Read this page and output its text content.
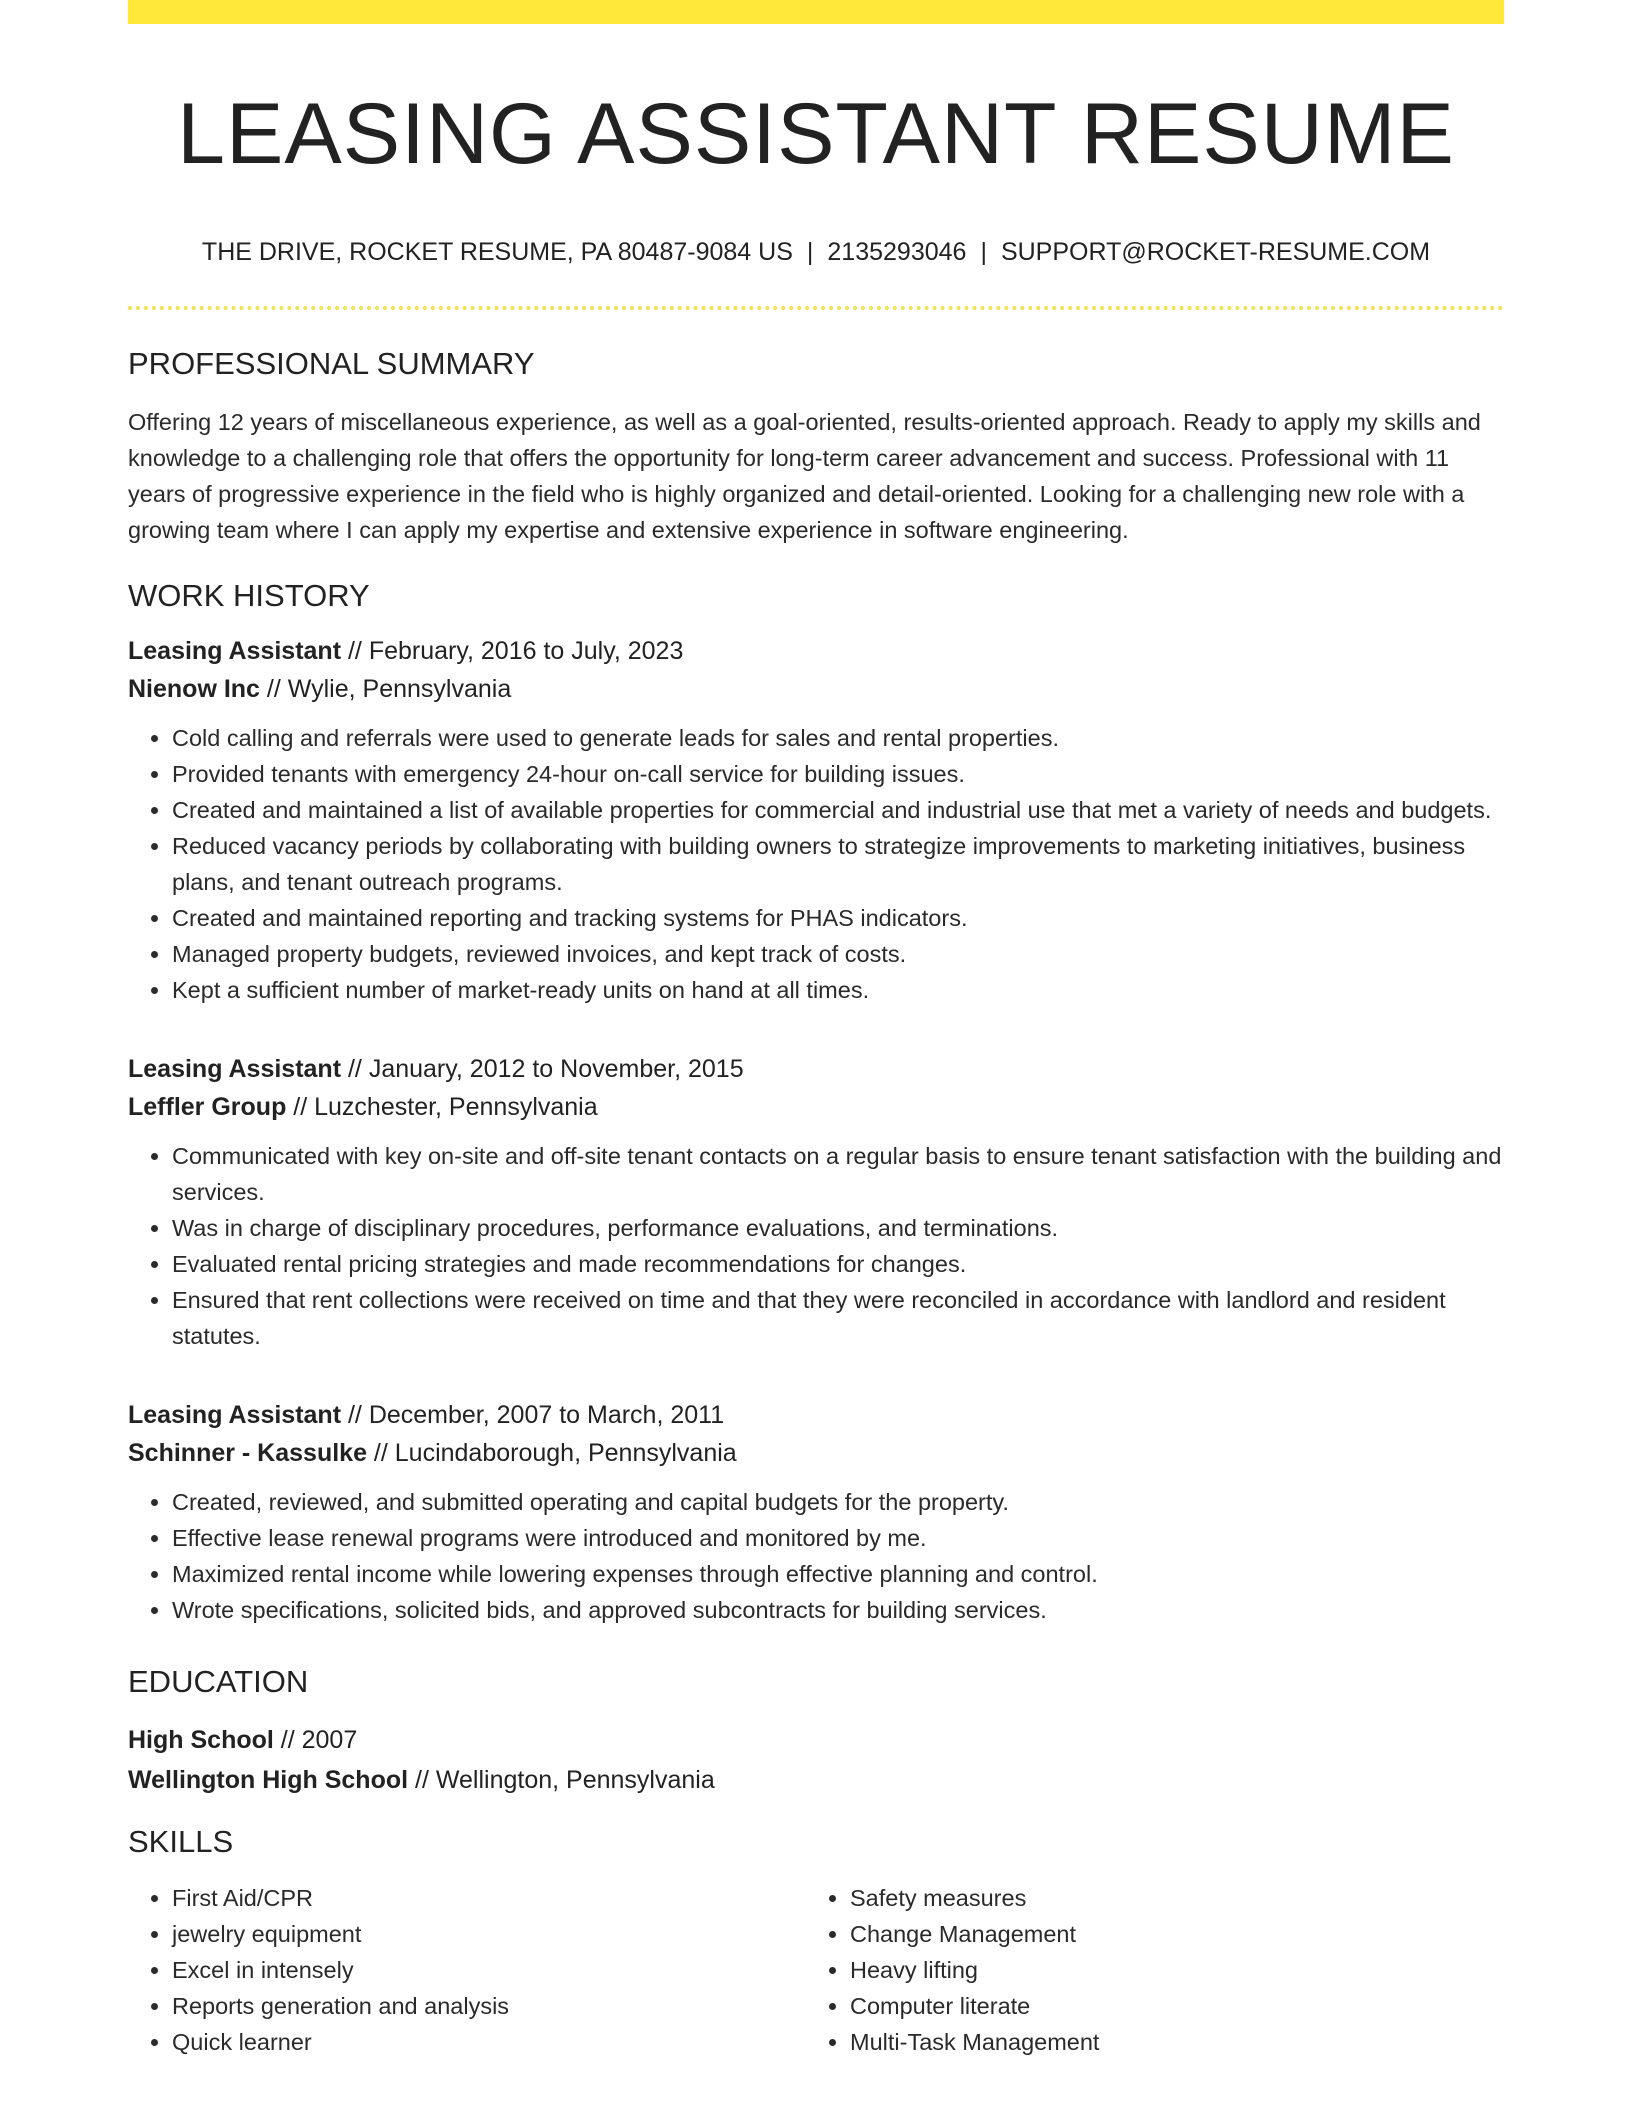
LEASING ASSISTANT RESUME
THE DRIVE, ROCKET RESUME, PA 80487-9084 US | 2135293046 | SUPPORT@ROCKET-RESUME.COM
PROFESSIONAL SUMMARY

Offering 12 years of miscellaneous experience, as well as a goal-oriented, results-oriented approach. Ready to apply my skills and knowledge to a challenging role that offers the opportunity for long-term career advancement and success. Professional with 11 years of progressive experience in the field who is highly organized and detail-oriented. Looking for a challenging new role with a growing team where I can apply my expertise and extensive experience in software engineering.

WORK HISTORY
Leasing Assistant // February, 2016 to July, 2023
Nienow Inc // Wylie, Pennsylvania
• Cold calling and referrals were used to generate leads for sales and rental properties.
• Provided tenants with emergency 24-hour on-call service for building issues.
• Created and maintained a list of available properties for commercial and industrial use that met a variety of needs and budgets.
• Reduced vacancy periods by collaborating with building owners to strategize improvements to marketing initiatives, business plans, and tenant outreach programs.
• Created and maintained reporting and tracking systems for PHAS indicators.
• Managed property budgets, reviewed invoices, and kept track of costs.
• Kept a sufficient number of market-ready units on hand at all times.
Leasing Assistant // January, 2012 to November, 2015
Leffler Group // Luzchester, Pennsylvania
• Communicated with key on-site and off-site tenant contacts on a regular basis to ensure tenant satisfaction with the building and services.
• Was in charge of disciplinary procedures, performance evaluations, and terminations.
• Evaluated rental pricing strategies and made recommendations for changes.
• Ensured that rent collections were received on time and that they were reconciled in accordance with landlord and resident statutes.
Leasing Assistant // December, 2007 to March, 2011
Schinner - Kassulke // Lucindaborough, Pennsylvania
• Created, reviewed, and submitted operating and capital budgets for the property.
• Effective lease renewal programs were introduced and monitored by me.
• Maximized rental income while lowering expenses through effective planning and control.
• Wrote specifications, solicited bids, and approved subcontracts for building services.
EDUCATION
High School // 2007
Wellington High School // Wellington, Pennsylvania
SKILLS
• First Aid/CPR
• jewelry equipment
• Excel in intensely
• Reports generation and analysis
• Quick learner
• Safety measures
• Change Management
• Heavy lifting
• Computer literate
• Multi-Task Management
